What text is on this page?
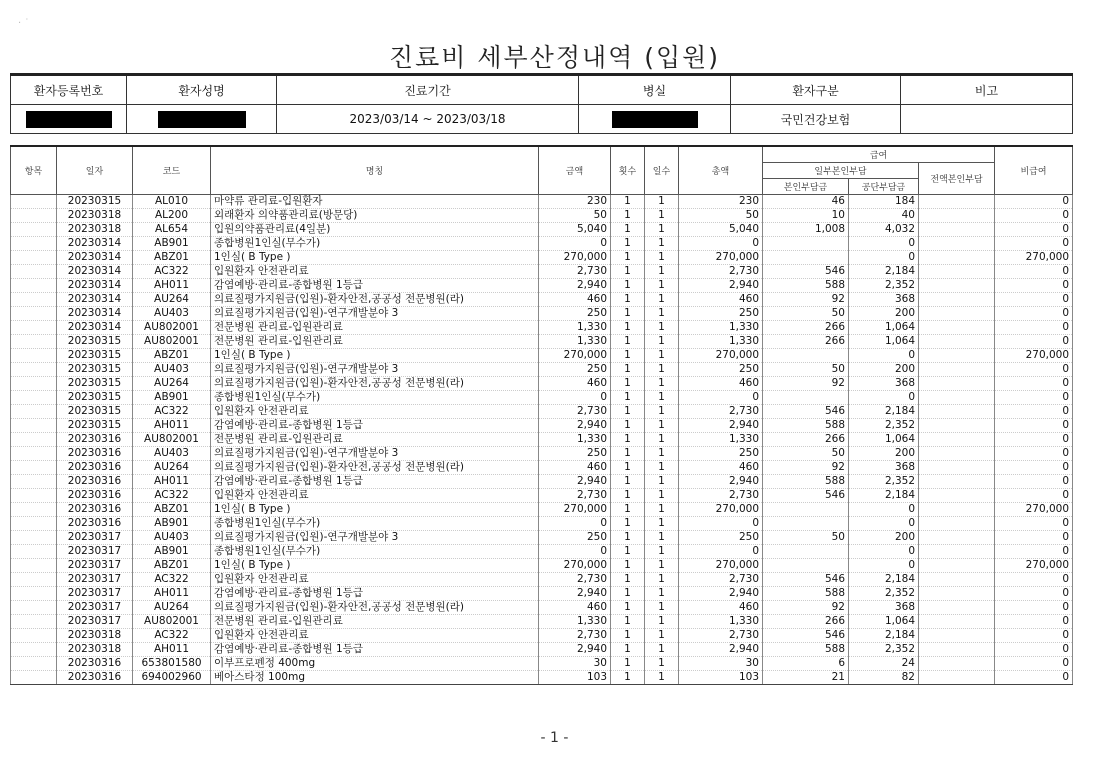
· ˙
진료비 세부산정내역 (입원)
환자등록번호	환자성명	진료기간	병실	환자구분	비고
		2023/03/14 ~ 2023/03/18		국민건강보험	
항목	일자	코드	명칭	금액	횟수	일수	총액	급여			비급여
								일부본인부담		전액본인부담	
								본인부담금	공단부담금		
	20230315	AL010	마약류 관리료-입원환자	230	1	1	230	46	184		0
	20230318	AL200	외래환자 의약품관리료(방문당)	50	1	1	50	10	40		0
	20230318	AL654	입원의약품관리료(4일분)	5,040	1	1	5,040	1,008	4,032		0
	20230314	AB901	종합병원1인실(무수가)	0	1	1	0		0		0
	20230314	ABZ01	1인실( B Type )	270,000	1	1	270,000		0		270,000
	20230314	AC322	입원환자 안전관리료	2,730	1	1	2,730	546	2,184		0
	20230314	AH011	감염예방·관리료-종합병원 1등급	2,940	1	1	2,940	588	2,352		0
	20230314	AU264	의료질평가지원금(입원)-환자안전,공공성 전문병원(라)	460	1	1	460	92	368		0
	20230314	AU403	의료질평가지원금(입원)-연구개발분야 3	250	1	1	250	50	200		0
	20230314	AU802001	전문병원 관리료-입원관리료	1,330	1	1	1,330	266	1,064		0
	20230315	AU802001	전문병원 관리료-입원관리료	1,330	1	1	1,330	266	1,064		0
	20230315	ABZ01	1인실( B Type )	270,000	1	1	270,000		0		270,000
	20230315	AU403	의료질평가지원금(입원)-연구개발분야 3	250	1	1	250	50	200		0
	20230315	AU264	의료질평가지원금(입원)-환자안전,공공성 전문병원(라)	460	1	1	460	92	368		0
	20230315	AB901	종합병원1인실(무수가)	0	1	1	0		0		0
	20230315	AC322	입원환자 안전관리료	2,730	1	1	2,730	546	2,184		0
	20230315	AH011	감염예방·관리료-종합병원 1등급	2,940	1	1	2,940	588	2,352		0
	20230316	AU802001	전문병원 관리료-입원관리료	1,330	1	1	1,330	266	1,064		0
	20230316	AU403	의료질평가지원금(입원)-연구개발분야 3	250	1	1	250	50	200		0
	20230316	AU264	의료질평가지원금(입원)-환자안전,공공성 전문병원(라)	460	1	1	460	92	368		0
	20230316	AH011	감염예방·관리료-종합병원 1등급	2,940	1	1	2,940	588	2,352		0
	20230316	AC322	입원환자 안전관리료	2,730	1	1	2,730	546	2,184		0
	20230316	ABZ01	1인실( B Type )	270,000	1	1	270,000		0		270,000
	20230316	AB901	종합병원1인실(무수가)	0	1	1	0		0		0
	20230317	AU403	의료질평가지원금(입원)-연구개발분야 3	250	1	1	250	50	200		0
	20230317	AB901	종합병원1인실(무수가)	0	1	1	0		0		0
	20230317	ABZ01	1인실( B Type )	270,000	1	1	270,000		0		270,000
	20230317	AC322	입원환자 안전관리료	2,730	1	1	2,730	546	2,184		0
	20230317	AH011	감염예방·관리료-종합병원 1등급	2,940	1	1	2,940	588	2,352		0
	20230317	AU264	의료질평가지원금(입원)-환자안전,공공성 전문병원(라)	460	1	1	460	92	368		0
	20230317	AU802001	전문병원 관리료-입원관리료	1,330	1	1	1,330	266	1,064		0
	20230318	AC322	입원환자 안전관리료	2,730	1	1	2,730	546	2,184		0
	20230318	AH011	감염예방·관리료-종합병원 1등급	2,940	1	1	2,940	588	2,352		0
	20230316	653801580	이부프로펜정 400mg	30	1	1	30	6	24		0
	20230316	694002960	베아스타정 100mg	103	1	1	103	21	82		0
- 1 -
